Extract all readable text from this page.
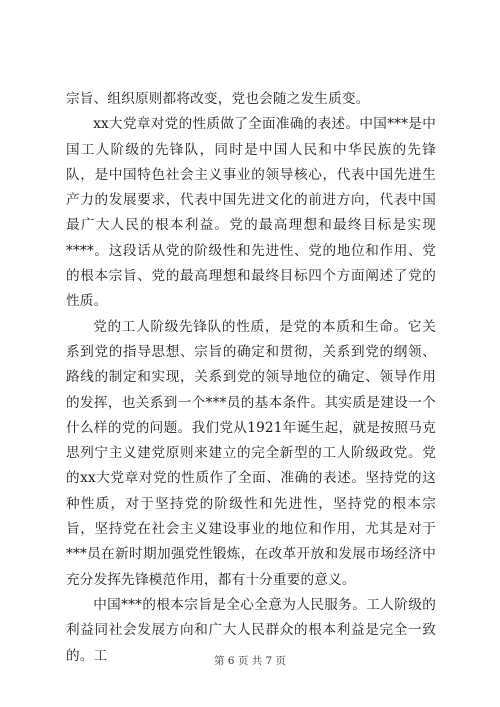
宗旨、组织原则都将改变，党也会随之发生质变。

xx大党章对党的性质做了全面准确的表述。中国***是中国工人阶级的先锋队，同时是中国人民和中华民族的先锋队，是中国特色社会主义事业的领导核心，代表中国先进生产力的发展要求，代表中国先进文化的前进方向，代表中国最广大人民的根本利益。党的最高理想和最终目标是实现****。这段话从党的阶级性和先进性、党的地位和作用、党的根本宗旨、党的最高理想和最终目标四个方面阐述了党的性质。

党的工人阶级先锋队的性质，是党的本质和生命。它关系到党的指导思想、宗旨的确定和贯彻，关系到党的纲领、路线的制定和实现，关系到党的领导地位的确定、领导作用的发挥，也关系到一个***员的基本条件。其实质是建设一个什么样的党的问题。我们党从1921年诞生起，就是按照马克思列宁主义建党原则来建立的完全新型的工人阶级政党。党的xx大党章对党的性质作了全面、准确的表述。坚持党的这种性质，对于坚持党的阶级性和先进性，坚持党的根本宗旨，坚持党在社会主义建设事业的地位和作用，尤其是对于***员在新时期加强党性锻炼，在改革开放和发展市场经济中充分发挥先锋模范作用，都有十分重要的意义。

中国***的根本宗旨是全心全意为人民服务。工人阶级的利益同社会发展方向和广大人民群众的根本利益是完全一致的。工	第 6 页 共 7 页
